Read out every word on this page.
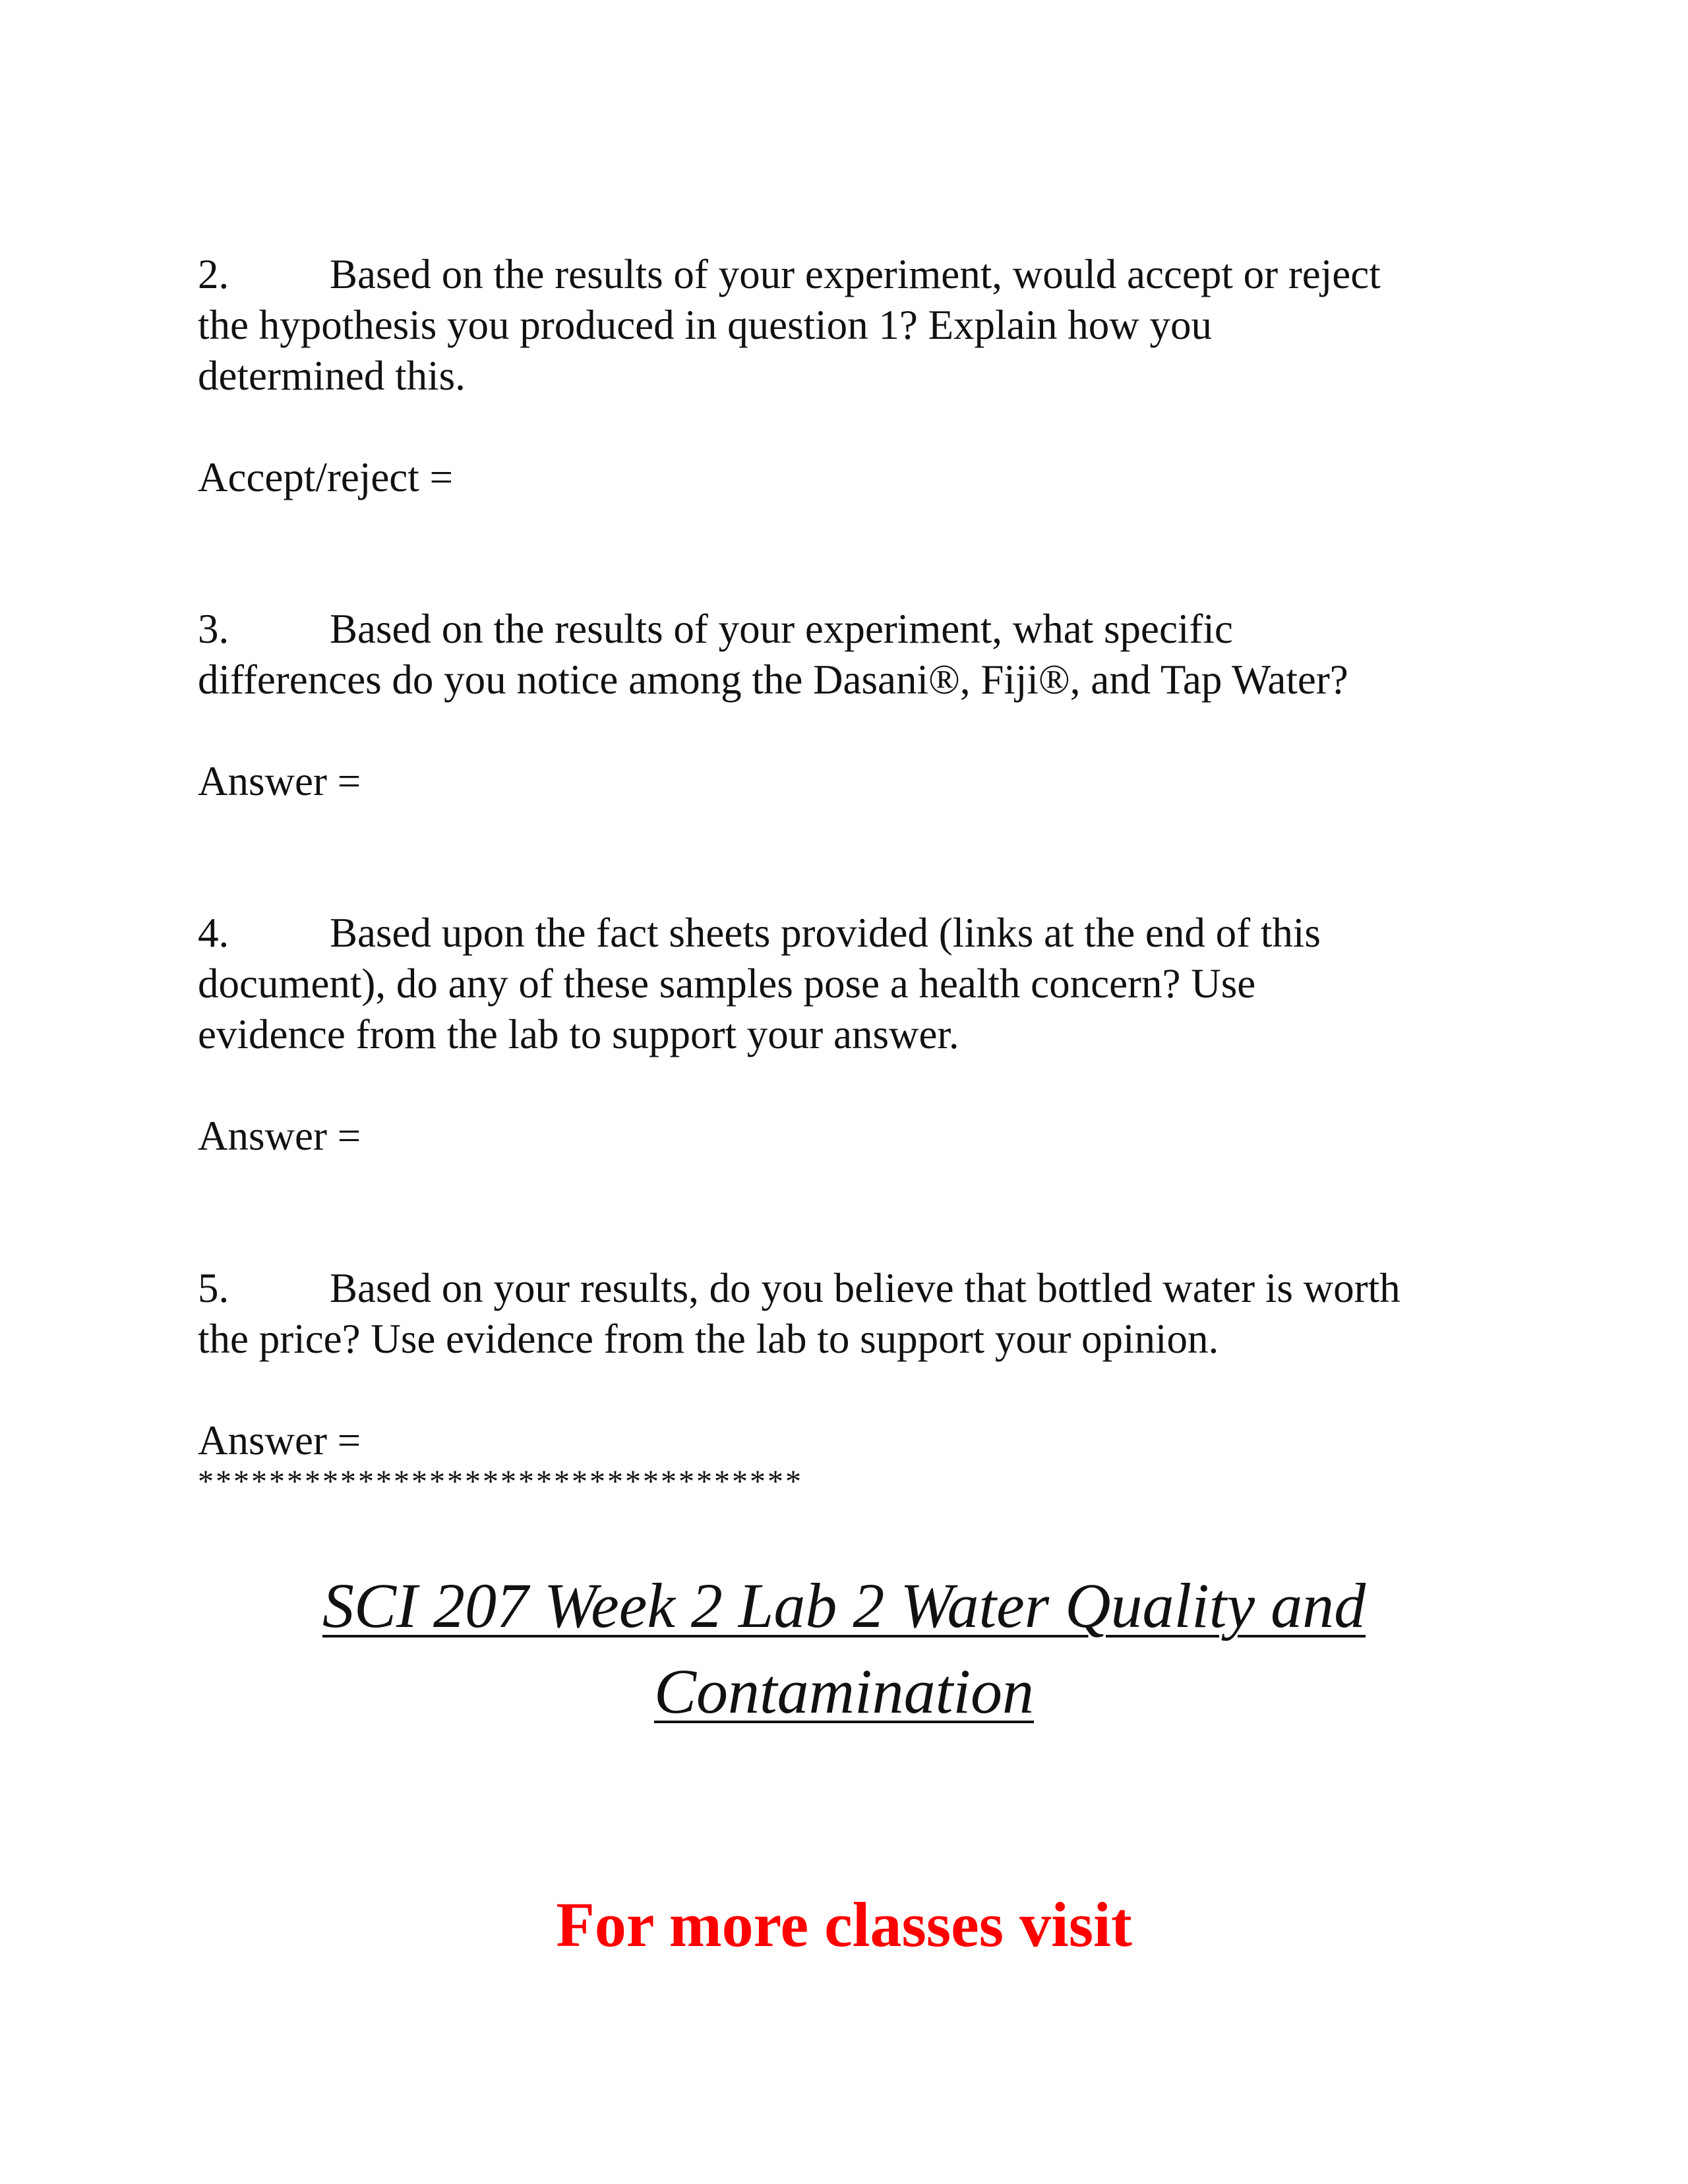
2. Based on the results of your experiment, would accept or reject
the hypothesis you produced in question 1? Explain how you
determined this.

Accept/reject =

3. Based on the results of your experiment, what specific
differences do you notice among the Dasani®, Fiji®, and Tap Water?

Answer =

4. Based upon the fact sheets provided (links at the end of this
document), do any of these samples pose a health concern? Use
evidence from the lab to support your answer.

Answer =

5. Based on your results, do you believe that bottled water is worth
the price? Use evidence from the lab to support your opinion.

Answer =

**********************************

SCI 207 Week 2 Lab 2 Water Quality and

Contamination

For more classes visit
